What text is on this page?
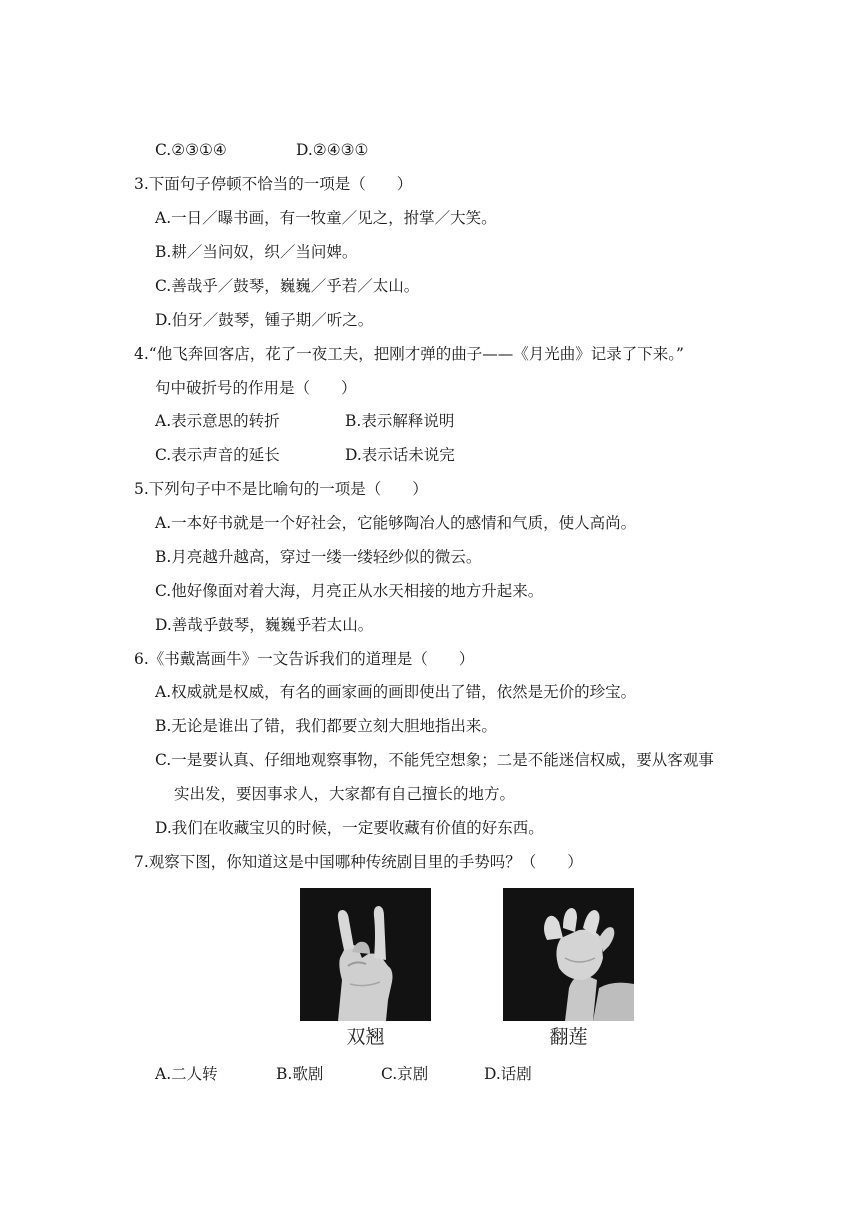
C.②③①④	D.②④③①
3.下面句子停顿不恰当的一项是（　　）
A.一日／曝书画，有一牧童／见之，拊掌／大笑。
B.耕／当问奴，织／当问婢。
C.善哉乎／鼓琴，巍巍／乎若／太山。
D.伯牙／鼓琴，锺子期／听之。
4.“他飞奔回客店，花了一夜工夫，把刚才弹的曲子——《月光曲》记录了下来。”
句中破折号的作用是（　　）
A.表示意思的转折	B.表示解释说明
C.表示声音的延长	D.表示话未说完
5.下列句子中不是比喻句的一项是（　　）
A.一本好书就是一个好社会，它能够陶冶人的感情和气质，使人高尚。
B.月亮越升越高，穿过一缕一缕轻纱似的微云。
C.他好像面对着大海，月亮正从水天相接的地方升起来。
D.善哉乎鼓琴，巍巍乎若太山。
6.《书戴嵩画牛》一文告诉我们的道理是（　　）
A.权威就是权威，有名的画家画的画即使出了错，依然是无价的珍宝。
B.无论是谁出了错，我们都要立刻大胆地指出来。
C.一是要认真、仔细地观察事物，不能凭空想象；二是不能迷信权威，要从客观事
实出发，要因事求人，大家都有自己擅长的地方。
D.我们在收藏宝贝的时候，一定要收藏有价值的好东西。
7.观察下图，你知道这是中国哪种传统剧目里的手势吗？（　　）
双翘	翻莲
A.二人转	B.歌剧	C.京剧	D.话剧
